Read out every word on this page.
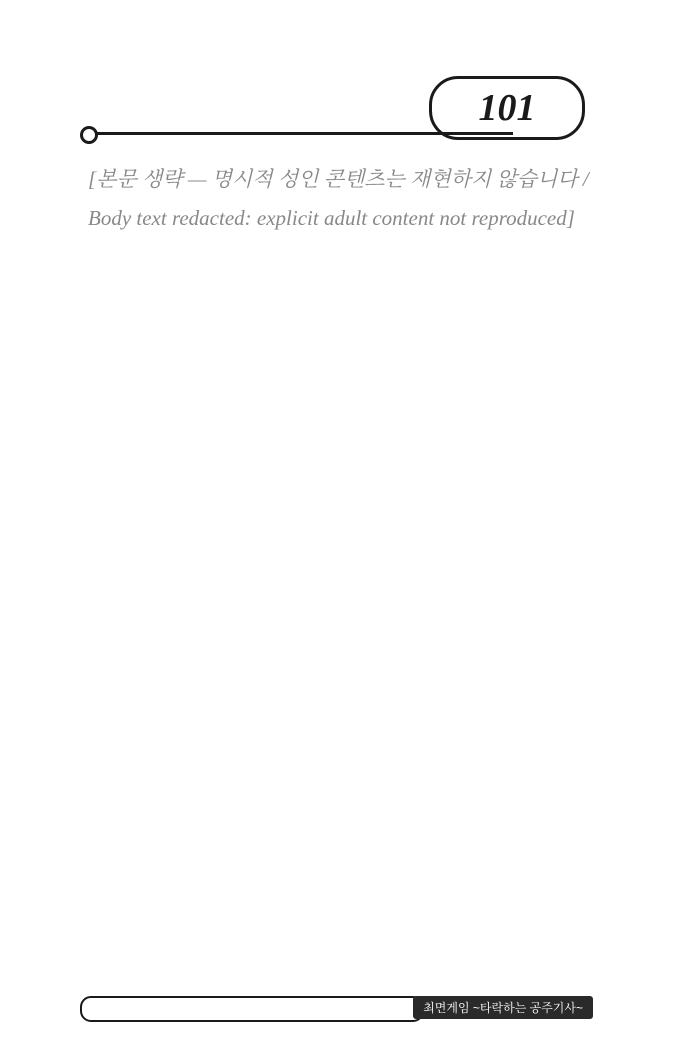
101
[본문 생략 — 명시적 성인 콘텐츠는 재현하지 않습니다 / Body text redacted: explicit adult content not reproduced]
최면게임 ~타락하는 공주기사~
